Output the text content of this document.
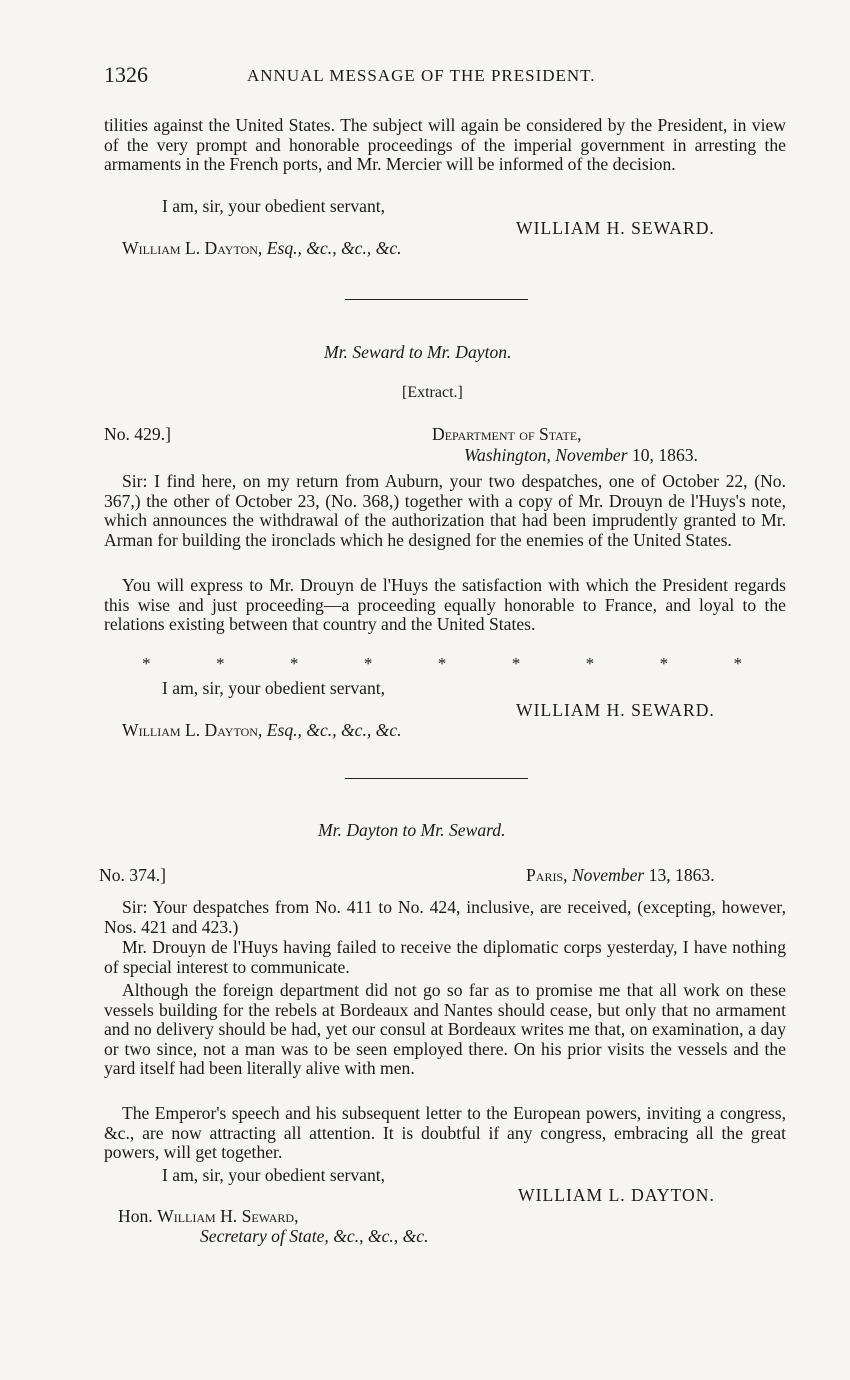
1326	ANNUAL MESSAGE OF THE PRESIDENT.
tilities against the United States. The subject will again be considered by the President, in view of the very prompt and honorable proceedings of the imperial government in arresting the armaments in the French ports, and Mr. Mercier will be informed of the decision.
I am, sir, your obedient servant,
WILLIAM H. SEWARD.
William L. Dayton, Esq., &c., &c., &c.
Mr. Seward to Mr. Dayton.
[Extract.]
No. 429.]	Department of State,
Washington, November 10, 1863.
Sir: I find here, on my return from Auburn, your two despatches, one of October 22, (No. 367,) the other of October 23, (No. 368,) together with a copy of Mr. Drouyn de l'Huys's note, which announces the withdrawal of the authorization that had been imprudently granted to Mr. Arman for building the ironclads which he designed for the enemies of the United States.
You will express to Mr. Drouyn de l'Huys the satisfaction with which the President regards this wise and just proceeding—a proceeding equally honorable to France, and loyal to the relations existing between that country and the United States.
*	*	*	*	*	*	*	*	*
I am, sir, your obedient servant,
WILLIAM H. SEWARD.
William L. Dayton, Esq., &c., &c., &c.
Mr. Dayton to Mr. Seward.
No. 374.]	Paris, November 13, 1863.
Sir: Your despatches from No. 411 to No. 424, inclusive, are received, (excepting, however, Nos. 421 and 423.)
Mr. Drouyn de l'Huys having failed to receive the diplomatic corps yesterday, I have nothing of special interest to communicate.
Although the foreign department did not go so far as to promise me that all work on these vessels building for the rebels at Bordeaux and Nantes should cease, but only that no armament and no delivery should be had, yet our consul at Bordeaux writes me that, on examination, a day or two since, not a man was to be seen employed there. On his prior visits the vessels and the yard itself had been literally alive with men.
The Emperor's speech and his subsequent letter to the European powers, inviting a congress, &c., are now attracting all attention. It is doubtful if any congress, embracing all the great powers, will get together.
I am, sir, your obedient servant,
WILLIAM L. DAYTON.
Hon. William H. Seward,
Secretary of State, &c., &c., &c.
